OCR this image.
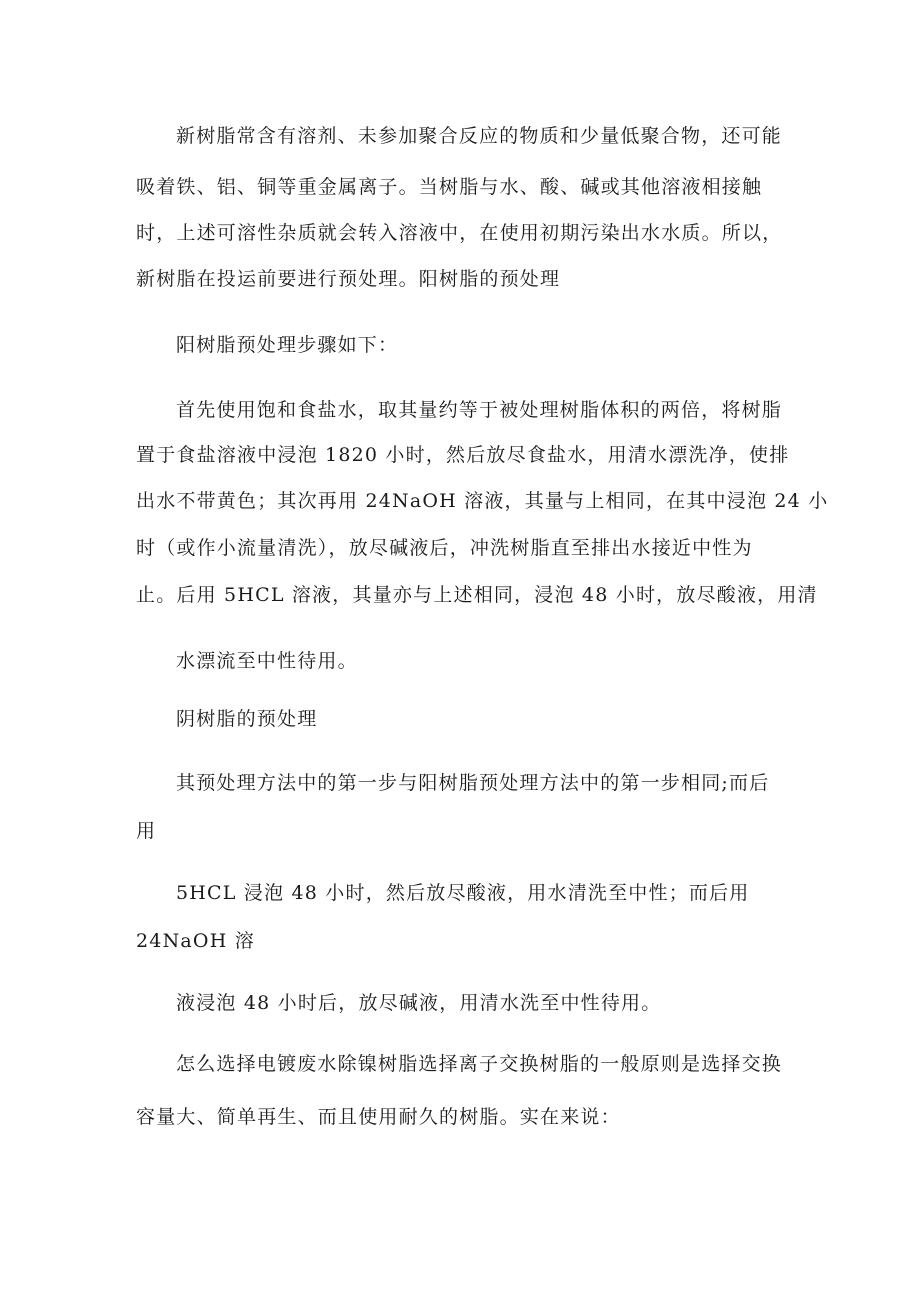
新树脂常含有溶剂、未参加聚合反应的物质和少量低聚合物，还可能

吸着铁、铝、铜等重金属离子。当树脂与水、酸、碱或其他溶液相接触

时，上述可溶性杂质就会转入溶液中，在使用初期污染出水水质。所以，

新树脂在投运前要进行预处理。阳树脂的预处理

阳树脂预处理步骤如下：

首先使用饱和食盐水，取其量约等于被处理树脂体积的两倍，将树脂

置于食盐溶液中浸泡 1820 小时，然后放尽食盐水，用清水漂洗净，使排

出水不带黄色；其次再用 24NaOH 溶液，其量与上相同，在其中浸泡 24 小

时（或作小流量清洗），放尽碱液后，冲洗树脂直至排出水接近中性为

止。后用 5HCL 溶液，其量亦与上述相同，浸泡 48 小时，放尽酸液，用清

水漂流至中性待用。

阴树脂的预处理

其预处理方法中的第一步与阳树脂预处理方法中的第一步相同;而后

用

5HCL 浸泡 48 小时，然后放尽酸液，用水清洗至中性；而后用

24NaOH 溶

液浸泡 48 小时后，放尽碱液，用清水洗至中性待用。

怎么选择电镀废水除镍树脂选择离子交换树脂的一般原则是选择交换

容量大、简单再生、而且使用耐久的树脂。实在来说：
